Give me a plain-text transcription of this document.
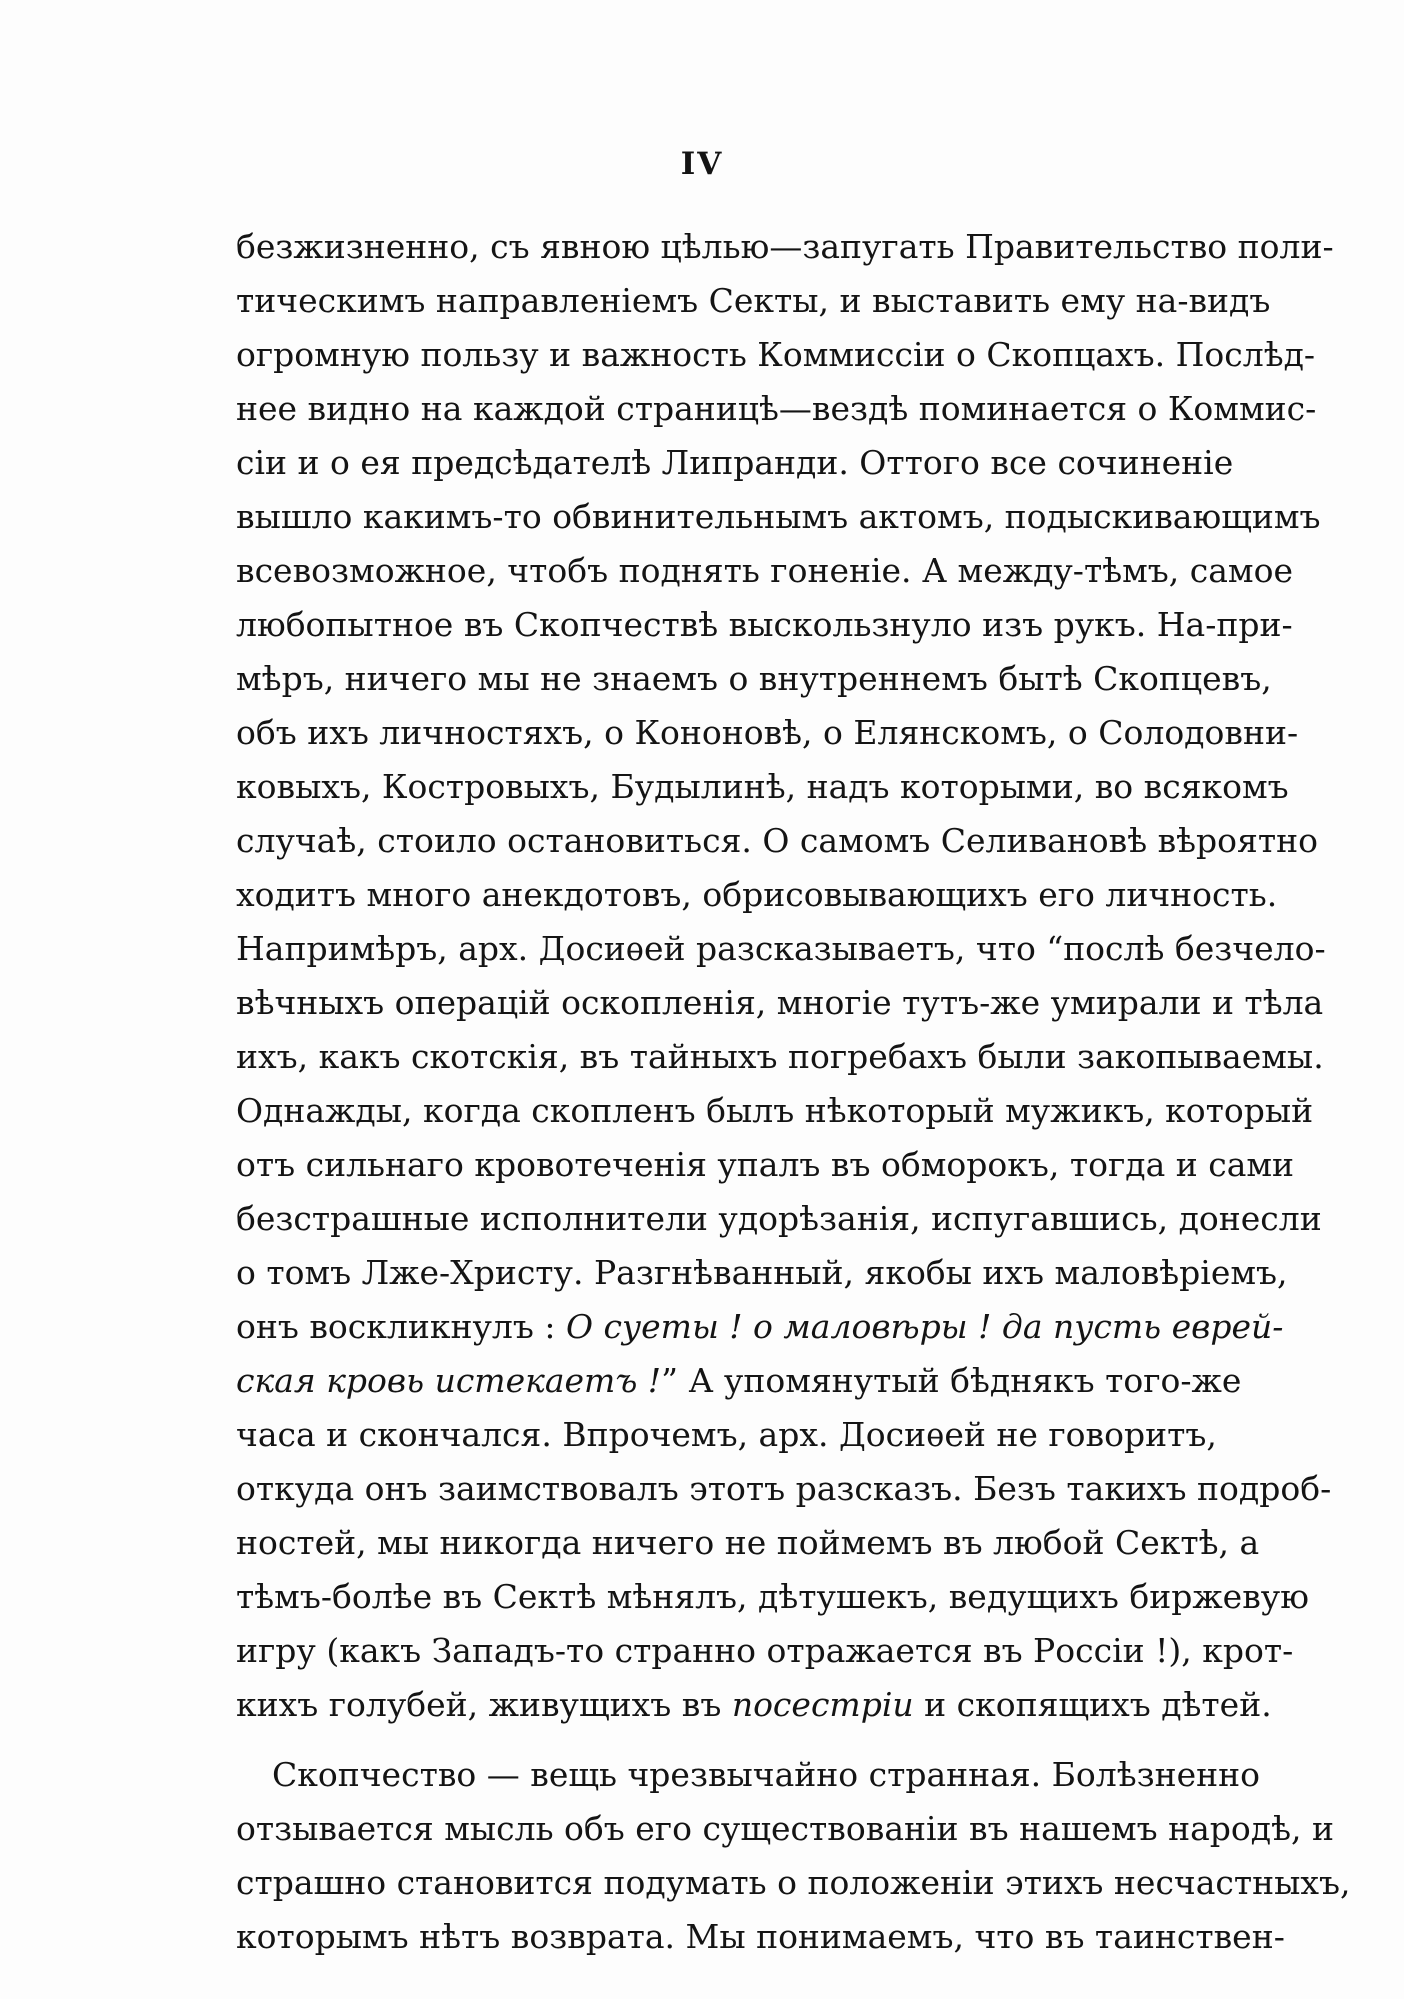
IV
безжизненно, съ явною цѣлью—запугать Правительство поли-
тическимъ направленіемъ Секты, и выставить ему на-видъ
огромную пользу и важность Коммиссіи о Скопцахъ. Послѣд-
нее видно на каждой страницѣ—вездѣ поминается о Коммис-
сіи и о ея предсѣдателѣ Липранди. Оттого все сочиненіе
вышло какимъ-то обвинительнымъ актомъ, подыскивающимъ
всевозможное, чтобъ поднять гоненіе. А между-тѣмъ, самое
любопытное въ Скопчествѣ выскользнуло изъ рукъ. На-при-
мѣръ, ничего мы не знаемъ о внутреннемъ бытѣ Скопцевъ,
объ ихъ личностяхъ, о Кононовѣ, о Елянскомъ, о Солодовни-
ковыхъ, Костровыхъ, Будылинѣ, надъ которыми, во всякомъ
случаѣ, стоило остановиться. О самомъ Селивановѣ вѣроятно
ходитъ много анекдотовъ, обрисовывающихъ его личность.
Напримѣръ, арх. Досиѳей разсказываетъ, что “послѣ безчело-
вѣчныхъ операцій оскопленія, многіе тутъ-же умирали и тѣла
ихъ, какъ скотскія, въ тайныхъ погребахъ были закопываемы.
Однажды, когда скопленъ былъ нѣкоторый мужикъ, который
отъ сильнаго кровотеченія упалъ въ обморокъ, тогда и сами
безстрашные исполнители удорѣзанія, испугавшись, донесли
о томъ Лже-Христу. Разгнѣванный, якобы ихъ маловѣріемъ,
онъ воскликнулъ : О суеты ! о маловѣры ! да пусть еврей-
ская кровь истекаетъ !” А упомянутый бѣднякъ того-же
часа и скончался. Впрочемъ, арх. Досиѳей не говоритъ,
откуда онъ заимствовалъ этотъ разсказъ. Безъ такихъ подроб-
ностей, мы никогда ничего не поймемъ въ любой Сектѣ, а
тѣмъ-болѣе въ Сектѣ мѣнялъ, дѣтушекъ, ведущихъ биржевую
игру (какъ Западъ-то странно отражается въ Россіи !), крот-
кихъ голубей, живущихъ въ посестріи и скопящихъ дѣтей.
Скопчество — вещь чрезвычайно странная. Болѣзненно
отзывается мысль объ его существованіи въ нашемъ народѣ, и
страшно становится подумать о положеніи этихъ несчастныхъ,
которымъ нѣтъ возврата. Мы понимаемъ, что въ таинствен-
